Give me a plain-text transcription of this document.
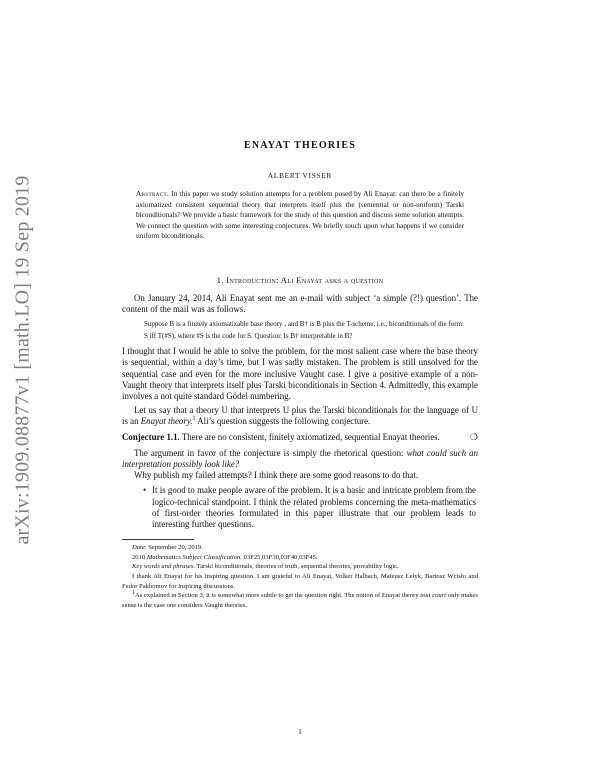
arXiv:1909.08877v1 [math.LO] 19 Sep 2019
ENAYAT THEORIES
ALBERT VISSER
Abstract. In this paper we study solution attempts for a problem posed by Ali Enayat: can there be a finitely axiomatized consistent sequential theory that interprets itself plus the (sentential or non-uniform) Tarski biconditionals? We provide a basic framework for the study of this question and discuss some solution attempts. We connect the question with some interesting conjectures. We briefly touch upon what happens if we consider uniform biconditionals.
1. Introduction: Ali Enayat asks a question

On January 24, 2014, Ali Enayat sent me an e-mail with subject ‘a simple (?!) question’. The content of the mail was as follows.

Suppose B is a finitely axiomatizable base theory , and B† is B plus the T-scheme, i.e., biconditionals of the form: S iff T(#S), where #S is the code for S. Question: Is B† interpretable in B?

I thought that I would be able to solve the problem, for the most salient case where the base theory is sequential, within a day’s time, but I was sadly mistaken. The problem is still unsolved for the sequential case and even for the more inclusive Vaught case. I give a positive example of a non-Vaught theory that interprets itself plus Tarski biconditionals in Section 4. Admittedly, this example involves a not quite standard Gödel numbering.

Let us say that a theory U that interprets U plus the Tarski biconditionals for the language of U is an Enayat theory.$^1$ Ali’s question suggests the following conjecture.

Conjecture 1.1. There are no consistent, finitely axiomatized, sequential Enayat theories.	❍

The argument in favor of the conjecture is simply the rhetorical question: what could such an interpretation possibly look like?

Why publish my failed attempts? I think there are some good reasons to do that.

• It is good to make people aware of the problem. It is a basic and intricate problem from the logico-technical standpoint. I think the related problems concerning the meta-mathematics of first-order theories formulated in this paper illustrate that our problem leads to interesting further questions.

Date: September 20, 2019.

2010 Mathematics Subject Classification. 03F25,03F30,03F40,03F45.

Key words and phrases. Tarski biconditionals, theories of truth, sequential theories, provability logic.

I thank Ali Enayat for his inspiring question. I am grateful to Ali Enayat, Volker Halbach, Mateusz Łełyk, Bartosz Wcisło and Fedor Pakhomov for inspiring discussions.

$^1$As explained in Section 3, it is somewhat more subtle to get the question right. The notion of Enayat theory tout court only makes sense is the case one considers Vaught theories.

1
